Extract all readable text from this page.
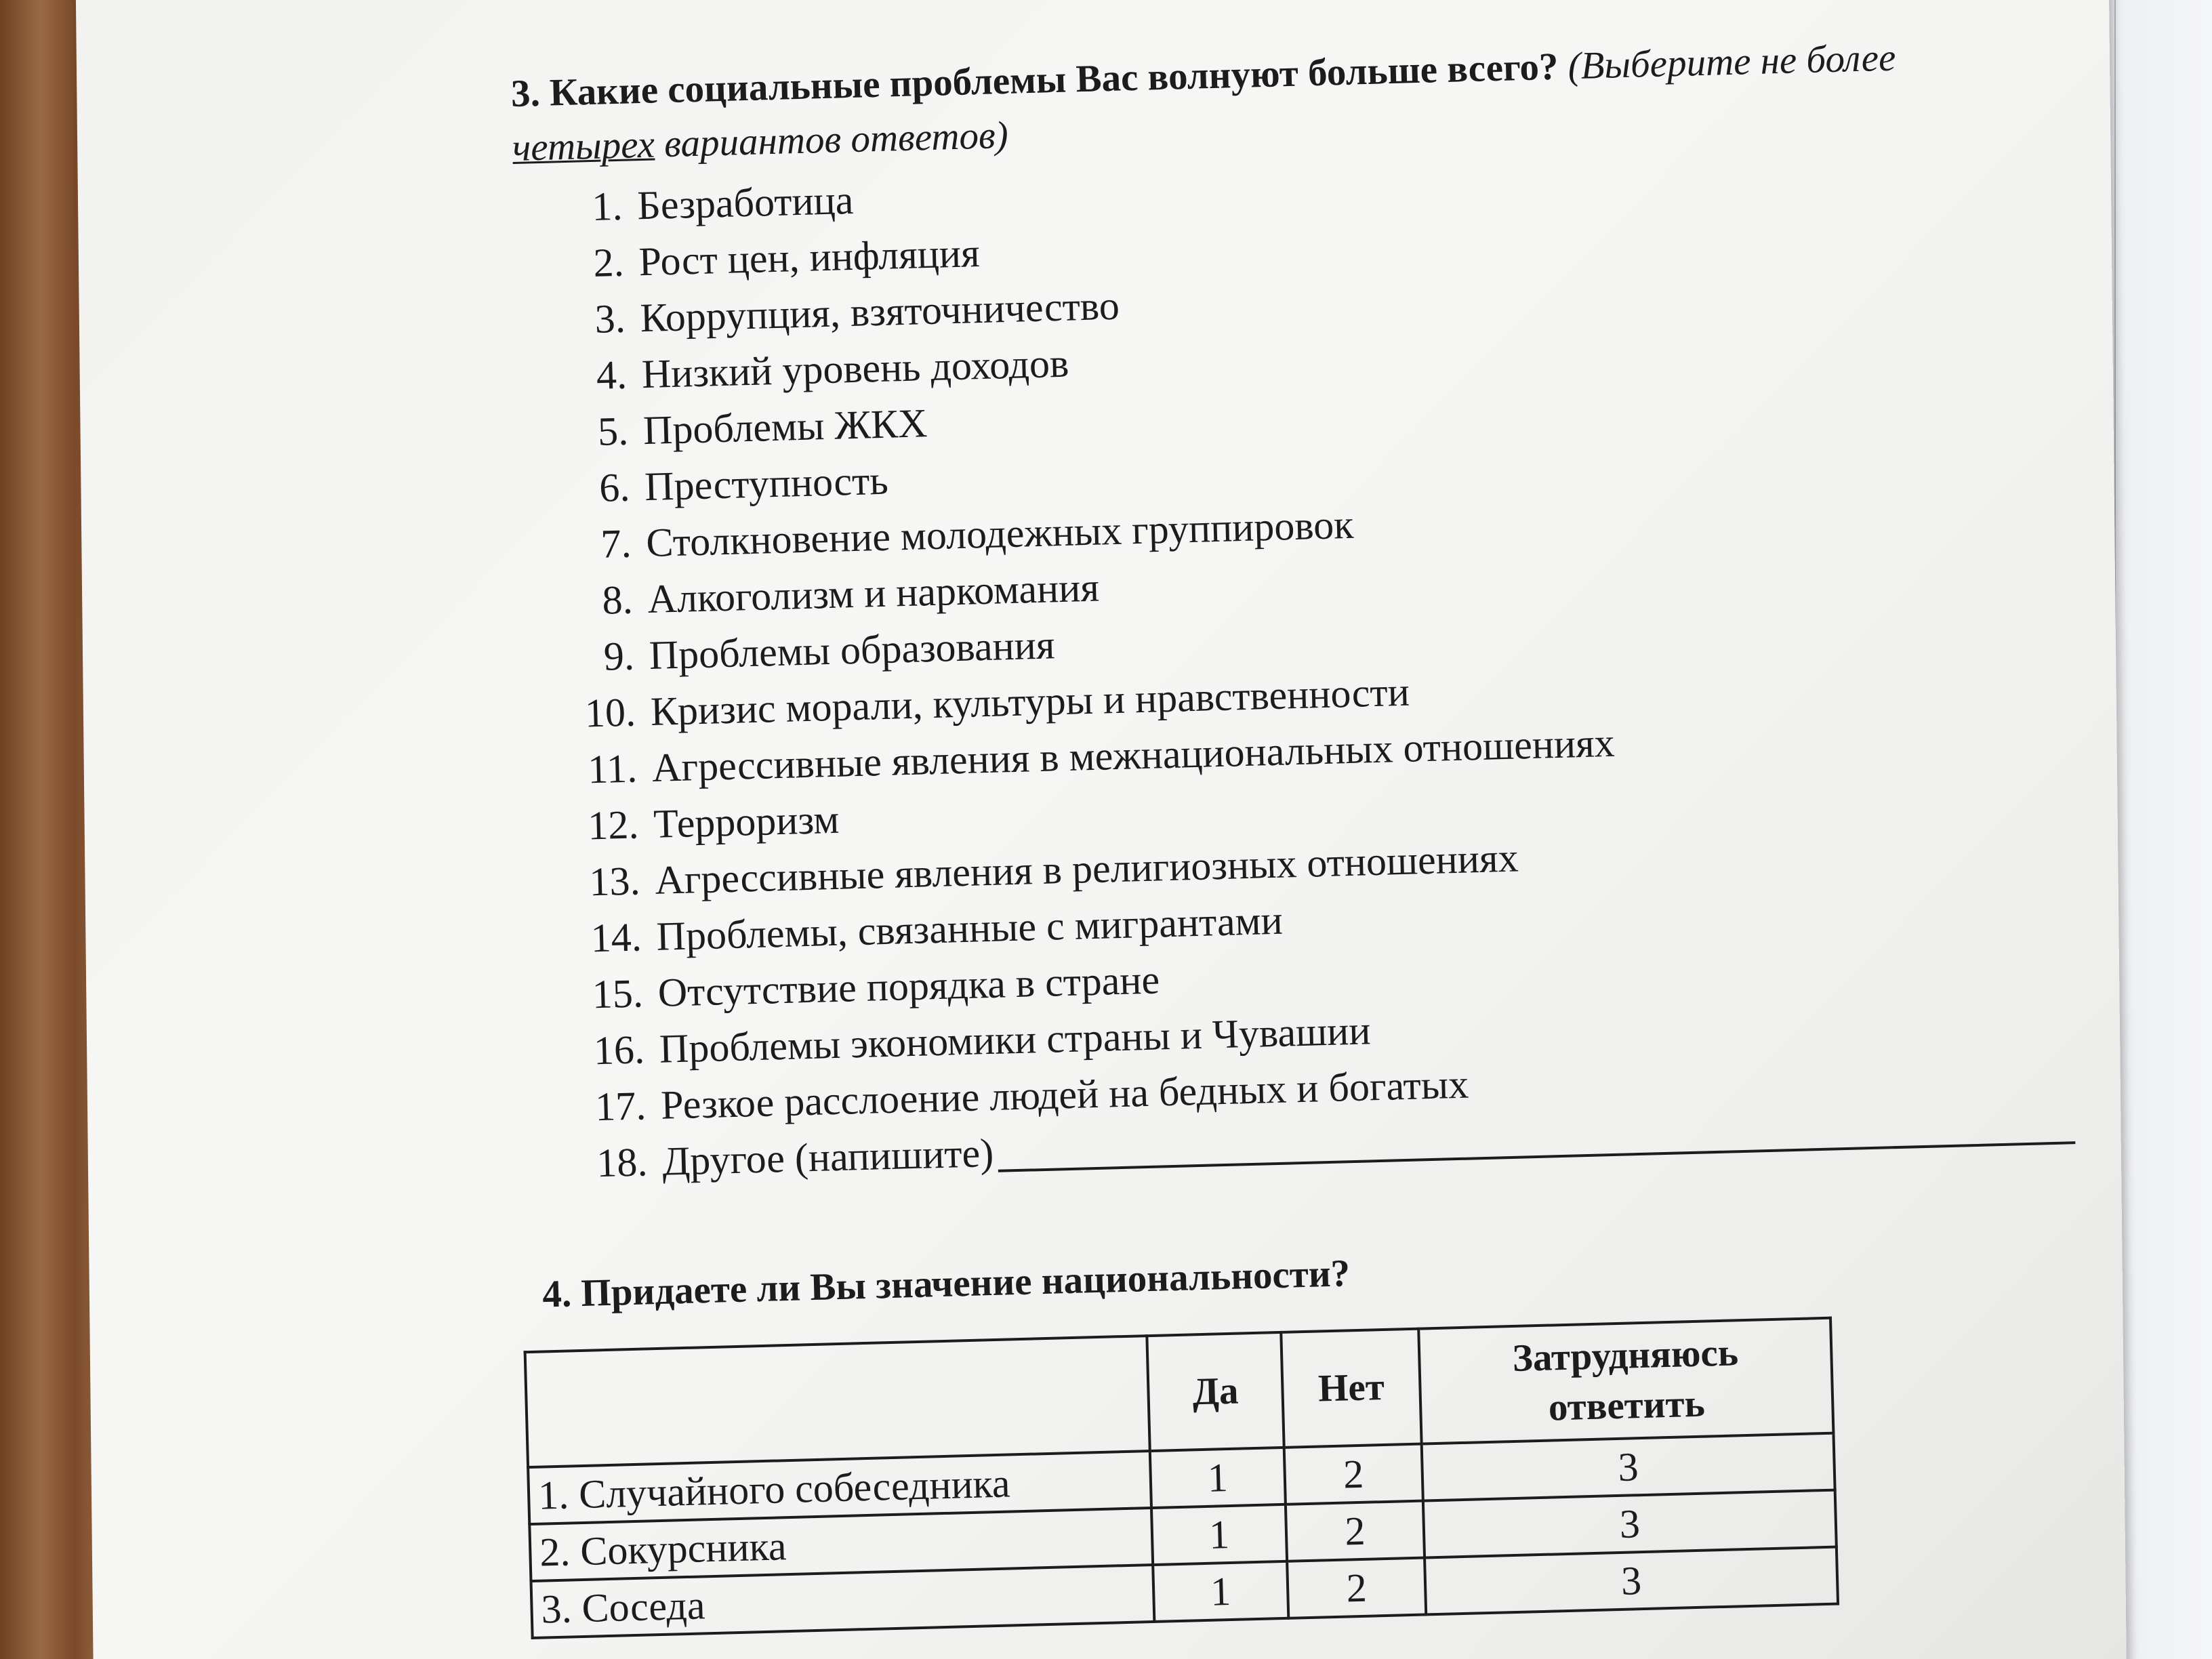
3. Какие социальные проблемы Вас волнуют больше всего? (Выберите не более
четырех вариантов ответов)

1. Безработица
2. Рост цен, инфляция
3. Коррупция, взяточничество
4. Низкий уровень доходов
5. Проблемы ЖКХ
6. Преступность
7. Столкновение молодежных группировок
8. Алкоголизм и наркомания
9. Проблемы образования
10. Кризис морали, культуры и нравственности
11. Агрессивные явления в межнациональных отношениях
12. Терроризм
13. Агрессивные явления в религиозных отношениях
14. Проблемы, связанные с мигрантами
15. Отсутствие порядка в стране
16. Проблемы экономики страны и Чувашии
17. Резкое расслоение людей на бедных и богатых
18. Другое (напишите)

4. Придаете ли Вы значение национальности?

	Да	Нет	Затрудняюсь
ответить
1. Случайного собеседника	1	2	3
2. Сокурсника	1	2	3
3. Соседа	1	2	3
